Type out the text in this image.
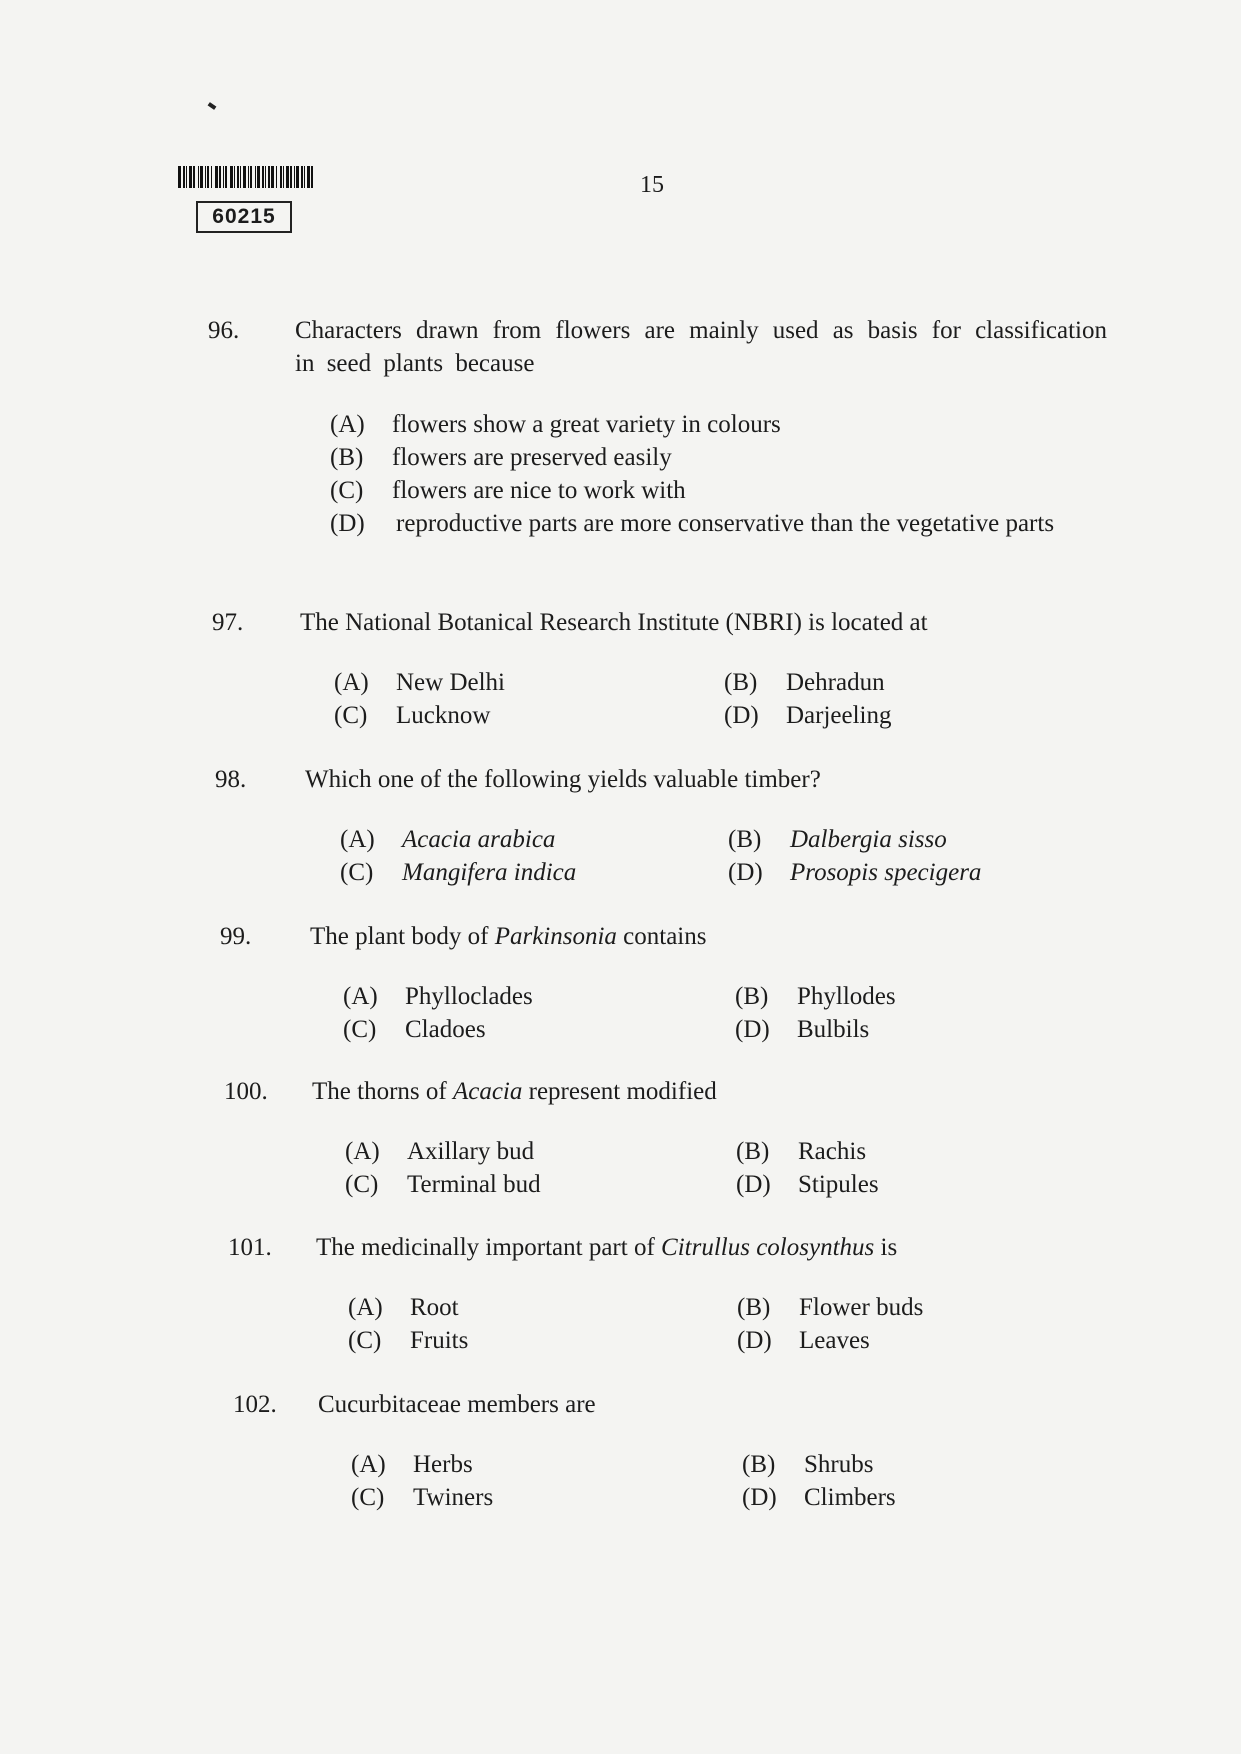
60215
15
96. Characters drawn from flowers are mainly used as basis for classification in seed plants because
(A) flowers show a great variety in colours
(B) flowers are preserved easily
(C) flowers are nice to work with
(D)	reproductive parts are more conservative than the vegetative parts
97. The National Botanical Research Institute (NBRI) is located at
(A) New Delhi	(B) Dehradun
(C) Lucknow	(D) Darjeeling
98. Which one of the following yields valuable timber?
(A) Acacia arabica	(B) Dalbergia sisso
(C) Mangifera indica	(D) Prosopis specigera
99. The plant body of Parkinsonia contains
(A) Phylloclades	(B) Phyllodes
(C) Cladoes	(D) Bulbils
100. The thorns of Acacia represent modified
(A) Axillary bud	(B) Rachis
(C) Terminal bud	(D) Stipules
101. The medicinally important part of Citrullus colosynthus is
(A) Root	(B) Flower buds
(C) Fruits	(D) Leaves
102. Cucurbitaceae members are
(A) Herbs	(B) Shrubs
(C) Twiners	(D) Climbers
